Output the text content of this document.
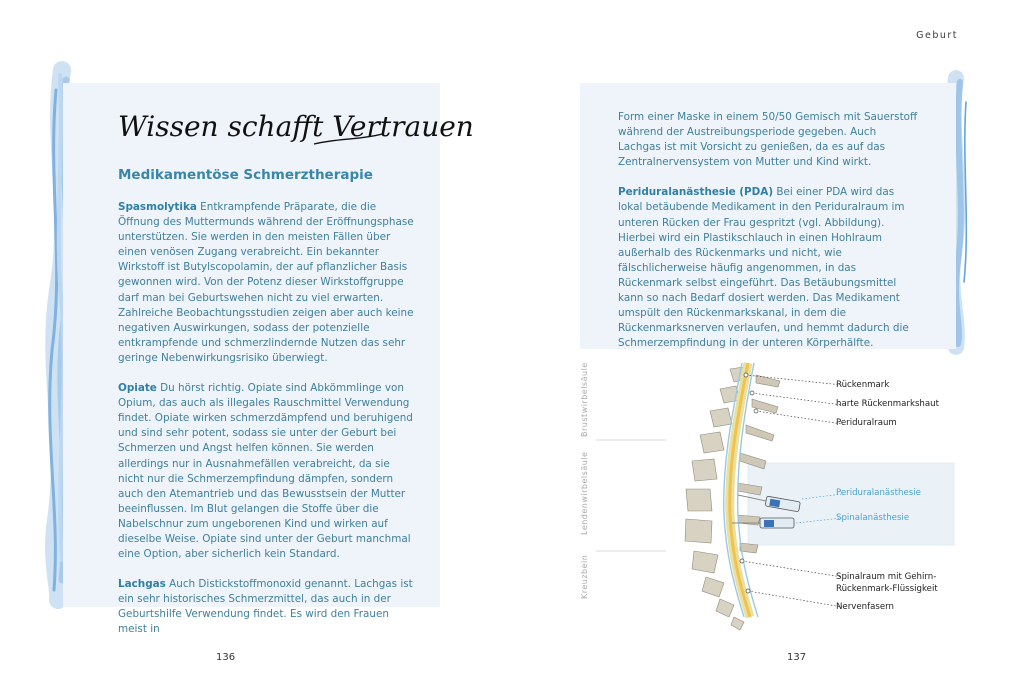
Wissen schafft Vertrauen
Medikamentöse Schmerztherapie

Spasmolytika Entkrampfende Präparate, die die Öffnung des Muttermunds während der Eröffnungsphase unterstützen. Sie werden in den meisten Fällen über einen venösen Zugang verabreicht. Ein bekannter Wirkstoff ist Butylscopolamin, der auf pflanzlicher Basis gewonnen wird. Von der Potenz dieser Wirkstoffgruppe darf man bei Geburtswehen nicht zu viel erwarten. Zahlreiche Beobachtungsstudien zeigen aber auch keine negativen Auswirkungen, sodass der potenzielle entkrampfende und schmerzlindernde Nutzen das sehr geringe Nebenwirkungsrisiko überwiegt.

Opiate Du hörst richtig. Opiate sind Abkömmlinge von Opium, das auch als illegales Rauschmittel Verwendung findet. Opiate wirken schmerzdämpfend und beruhigend und sind sehr potent, sodass sie unter der Geburt bei Schmerzen und Angst helfen können. Sie werden allerdings nur in Ausnahmefällen verabreicht, da sie nicht nur die Schmerzempfindung dämpfen, sondern auch den Atemantrieb und das Bewusstsein der Mutter beeinflussen. Im Blut gelangen die Stoffe über die Nabelschnur zum ungeborenen Kind und wirken auf dieselbe Weise. Opiate sind unter der Geburt manchmal eine Option, aber sicherlich kein Standard.

Lachgas Auch Distickstoffmonoxid genannt. Lachgas ist ein sehr historisches Schmerzmittel, das auch in der Geburtshilfe Verwendung findet. Es wird den Frauen meist in

136
Geburt

Form einer Maske in einem 50/50 Gemisch mit Sauerstoff während der Austreibungsperiode gegeben. Auch Lachgas ist mit Vorsicht zu genießen, da es auf das Zentralnervensystem von Mutter und Kind wirkt.

Periduralanästhesie (PDA) Bei einer PDA wird das lokal betäubende Medikament in den Periduralraum im unteren Rücken der Frau gespritzt (vgl. Abbildung). Hierbei wird ein Plastikschlauch in einen Hohlraum außerhalb des Rückenmarks und nicht, wie fälschlicherweise häufig angenommen, in das Rückenmark selbst eingeführt. Das Betäubungsmittel kann so nach Bedarf dosiert werden. Das Medikament umspült den Rückenmarkskanal, in dem die Rückenmarksnerven verlaufen, und hemmt dadurch die Schmerzempfindung in der unteren Körperhälfte.

Brustwirbelsäule
Lendenwirbelsäule
Kreuzbein
Rückenmark
harte Rückenmarkshaut
Periduralraum
Periduralanästhesie
Spinalanästhesie
Spinalraum mit Gehirn-
Rückenmark-Flüssigkeit
Nervenfasern
137
